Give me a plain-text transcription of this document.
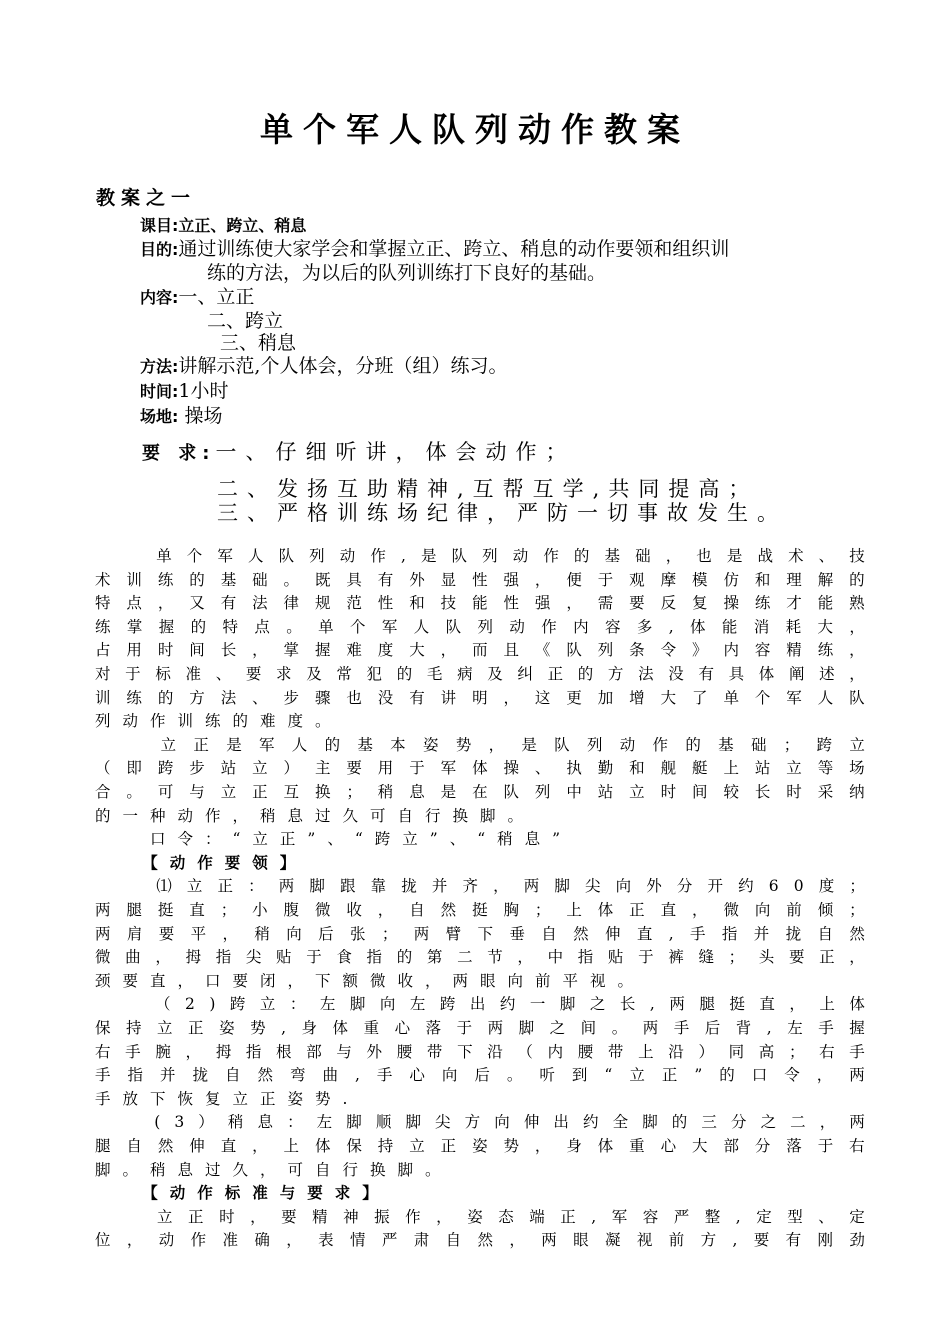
单个军人队列动作教案
教案之一
课目:立正、跨立、稍息
目的:通过训练使大家学会和掌握立正、跨立、稍息的动作要领和组织训
练的方法，为以后的队列训练打下良好的基础。
内容:一、立正
二、跨立
三、稍息
方法:讲解示范,个人体会，分班（组）练习。
时间:1小时
场地: 操场
要 求:一、仔细听讲，体会动作；
二、发扬互助精神,互帮互学,共同提高；
三、严格训练场纪律，严防一切事故发生。

单 个 军 人 队 列 动 作 , 是 队 列 动 作 的 基 础 ， 也 是 战 术 、 技
术 训 练 的 基 础 。 既 具 有 外 显 性 强 ， 便 于 观 摩 模 仿 和 理 解 的
特 点 ， 又 有 法 律 规 范 性 和 技 能 性 强 ， 需 要 反 复 操 练 才 能 熟
练 掌 握 的 特 点 。 单 个 军 人 队 列 动 作 内 容 多 , 体 能 消 耗 大 ，
占 用 时 间 长 ， 掌 握 难 度 大 ， 而 且 《 队 列 条 令 》 内 容 精 练 ，
对 于 标 准 、 要 求 及 常 犯 的 毛 病 及 纠 正 的 方 法 没 有 具 体 阐 述 ，
训 练 的 方 法 、 步 骤 也 没 有 讲 明 ， 这 更 加 增 大 了 单 个 军 人 队
列动作训练的难度。

立 正 是 军 人 的 基 本 姿 势 ， 是 队 列 动 作 的 基 础 ； 跨 立
（ 即 跨 步 站 立 ） 主 要 用 于 军 体 操 、 执 勤 和 舰 艇 上 站 立 等 场
合 。 可 与 立 正 互 换 ； 稍 息 是 在 队 列 中 站 立 时 间 较 长 时 采 纳
的一种动作，稍息过久可自行换脚。
　　口令：“立正”、“跨立”、“稍息”
　　【动作要领】

⑴ 立 正 ： 两 脚 跟 靠 拢 并 齐 ， 两 脚 尖 向 外 分 开 约 6 0 度 ；
两 腿 挺 直 ； 小 腹 微 收 ， 自 然 挺 胸 ； 上 体 正 直 ， 微 向 前 倾 ；
两 肩 要 平 ， 稍 向 后 张 ； 两 臂 下 垂 自 然 伸 直 , 手 指 并 拢 自 然
微 曲 ， 拇 指 尖 贴 于 食 指 的 第 二 节 ， 中 指 贴 于 裤 缝 ； 头 要 正 ，
颈要直，口要闭，下额微收，两眼向前平视。

（ 2 ) 跨 立 ： 左 脚 向 左 跨 出 约 一 脚 之 长 , 两 腿 挺 直 ， 上 体
保 持 立 正 姿 势 , 身 体 重 心 落 于 两 脚 之 间 。 两 手 后 背 , 左 手 握
右 手 腕 ， 拇 指 根 部 与 外 腰 带 下 沿 （ 内 腰 带 上 沿 ） 同 高 ； 右 手
手 指 并 拢 自 然 弯 曲 , 手 心 向 后 。 听 到 “ 立 正 ” 的 口 令 ， 两
手放下恢复立正姿势.

( 3 ） 稍 息 ： 左 脚 顺 脚 尖 方 向 伸 出 约 全 脚 的 三 分 之 二 ， 两
腿 自 然 伸 直 ， 上 体 保 持 立 正 姿 势 ， 身 体 重 心 大 部 分 落 于 右
脚。稍息过久，可自行换脚。
　　【动作标准与要求】

立 正 时 ， 要 精 神 振 作 ， 姿 态 端 正 , 军 容 严 整 , 定 型 、 定
位 ， 动 作 准 确 ， 表 情 严 肃 自 然 ， 两 眼 凝 视 前 方 , 要 有 刚 劲
